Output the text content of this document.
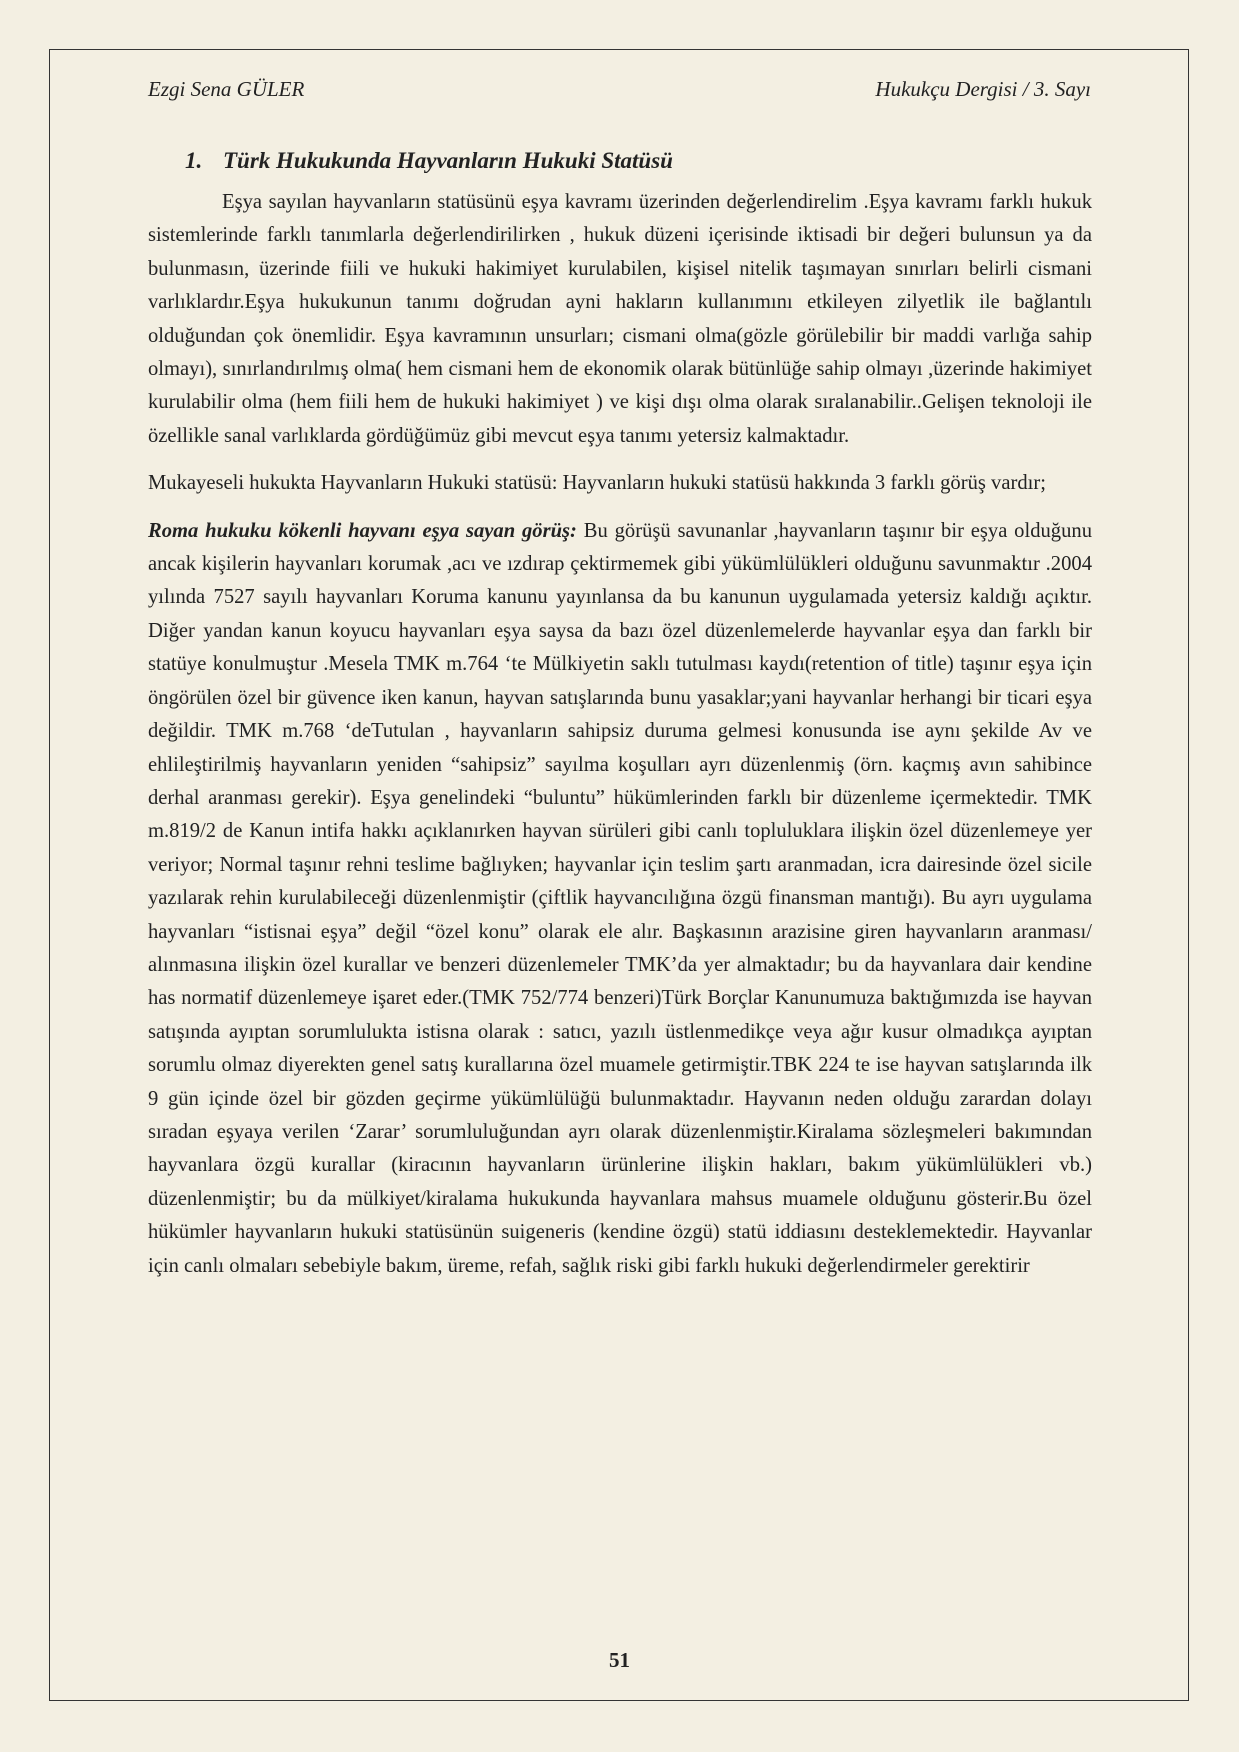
Ezgi Sena GÜLER	Hukukçu Dergisi / 3. Sayı
1. Türk Hukukunda Hayvanların Hukuki Statüsü

Eşya sayılan hayvanların statüsünü eşya kavramı üzerinden değerlendirelim .Eşya kavramı farklı hukuk sistemlerinde farklı tanımlarla değerlendirilirken , hukuk düzeni içerisinde iktisadi bir değeri bulunsun ya da bulunmasın, üzerinde fiili ve hukuki hakimiyet kurulabilen, kişisel nitelik taşımayan sınırları belirli cismani varlıklardır.Eşya hukukunun tanımı doğrudan ayni hakların kullanımını etkileyen zilyetlik ile bağlantılı olduğundan çok önemlidir. Eşya kavramının unsurları; cismani olma(gözle görülebilir bir maddi varlığa sahip olmayı), sınırlandırılmış olma( hem cismani hem de ekonomik olarak bütünlüğe sahip olmayı ,üzerinde hakimiyet kurulabilir olma (hem fiili hem de hukuki hakimiyet ) ve kişi dışı olma olarak sıralanabilir..Gelişen teknoloji ile özellikle sanal varlıklarda gördüğümüz gibi mevcut eşya tanımı yetersiz kalmaktadır.

Mukayeseli hukukta Hayvanların Hukuki statüsü: Hayvanların hukuki statüsü hakkında 3 farklı görüş vardır;

Roma hukuku kökenli hayvanı eşya sayan görüş: Bu görüşü savunanlar ,hayvanların taşınır bir eşya olduğunu ancak kişilerin hayvanları korumak ,acı ve ızdırap çektirmemek gibi yükümlülükleri olduğunu savunmaktır .2004 yılında 7527 sayılı hayvanları Koruma kanunu yayınlansa da bu kanunun uygulamada yetersiz kaldığı açıktır. Diğer yandan kanun koyucu hayvanları eşya saysa da bazı özel düzenlemelerde hayvanlar eşya dan farklı bir statüye konulmuştur .Mesela TMK m.764 ‘te Mülkiyetin saklı tutulması kaydı(retention of title) taşınır eşya için öngörülen özel bir güvence iken kanun, hayvan satışlarında bunu yasaklar;yani hayvanlar herhangi bir ticari eşya değildir. TMK m.768 ‘deTutulan , hayvanların sahipsiz duruma gelmesi konusunda ise aynı şekilde Av ve ehlileştirilmiş hayvanların yeniden “sahipsiz” sayılma koşulları ayrı düzenlenmiş (örn. kaçmış avın sahibince derhal aranması gerekir). Eşya genelindeki “buluntu” hükümlerinden farklı bir düzenleme içermektedir. TMK m.819/2 de Kanun intifa hakkı açıklanırken hayvan sürüleri gibi canlı topluluklara ilişkin özel düzenlemeye yer veriyor; Normal taşınır rehni teslime bağlıyken; hayvanlar için teslim şartı aranmadan, icra dairesinde özel sicile yazılarak rehin kurulabileceği düzenlenmiştir (çiftlik hayvancılığına özgü finansman mantığı). Bu ayrı uygulama hayvanları “istisnai eşya” değil “özel konu” olarak ele alır. Başkasının arazisine giren hayvanların aranması/ alınmasına ilişkin özel kurallar ve benzeri düzenlemeler TMK’da yer almaktadır; bu da hayvanlara dair kendine has normatif düzenlemeye işaret eder.(TMK 752/774 benzeri)Türk Borçlar Kanunumuza baktığımızda ise hayvan satışında ayıptan sorumlulukta istisna olarak : satıcı, yazılı üstlenmedikçe veya ağır kusur olmadıkça ayıptan sorumlu olmaz diyerekten genel satış kurallarına özel muamele getirmiştir.TBK 224 te ise hayvan satışlarında ilk 9 gün içinde özel bir gözden geçirme yükümlülüğü bulunmaktadır. Hayvanın neden olduğu zarardan dolayı sıradan eşyaya verilen ‘Zarar’ sorumluluğundan ayrı olarak düzenlenmiştir.Kiralama sözleşmeleri bakımından hayvanlara özgü kurallar (kiracının hayvanların ürünlerine ilişkin hakları, bakım yükümlülükleri vb.) düzenlenmiştir; bu da mülkiyet/kiralama hukukunda hayvanlara mahsus muamele olduğunu gösterir.Bu özel hükümler hayvanların hukuki statüsünün suigeneris (kendine özgü) statü iddiasını desteklemektedir. Hayvanlar için canlı olmaları sebebiyle bakım, üreme, refah, sağlık riski gibi farklı hukuki değerlendirmeler gerektirir

51
